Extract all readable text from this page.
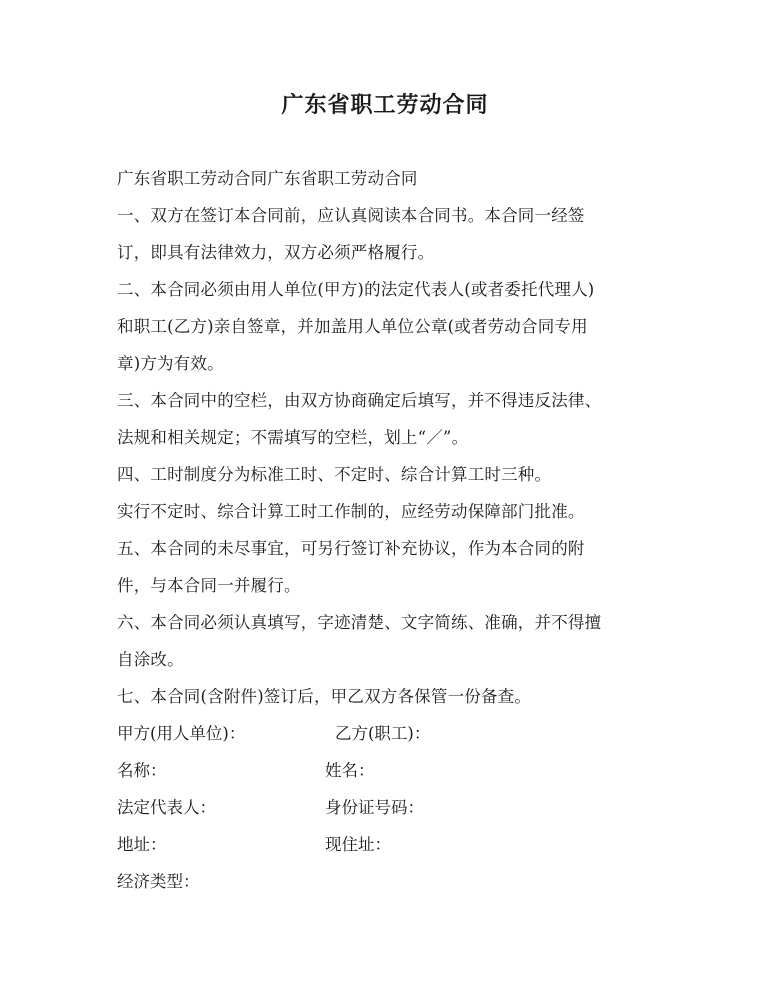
广东省职工劳动合同
广东省职工劳动合同广东省职工劳动合同
一、双方在签订本合同前，应认真阅读本合同书。本合同一经签
订，即具有法律效力，双方必须严格履行。
二、本合同必须由用人单位(甲方)的法定代表人(或者委托代理人)
和职工(乙方)亲自签章，并加盖用人单位公章(或者劳动合同专用
章)方为有效。
三、本合同中的空栏，由双方协商确定后填写，并不得违反法律、
法规和相关规定；不需填写的空栏，划上“／”。
四、工时制度分为标准工时、不定时、综合计算工时三种。
实行不定时、综合计算工时工作制的，应经劳动保障部门批准。
五、本合同的未尽事宜，可另行签订补充协议，作为本合同的附
件，与本合同一并履行。
六、本合同必须认真填写，字迹清楚、文字简练、准确，并不得擅
自涂改。
七、本合同(含附件)签订后，甲乙双方各保管一份备查。
甲方(用人单位)：	乙方(职工)：
名称：	姓名：
法定代表人：	身份证号码：
地址：	现住址：
经济类型：
